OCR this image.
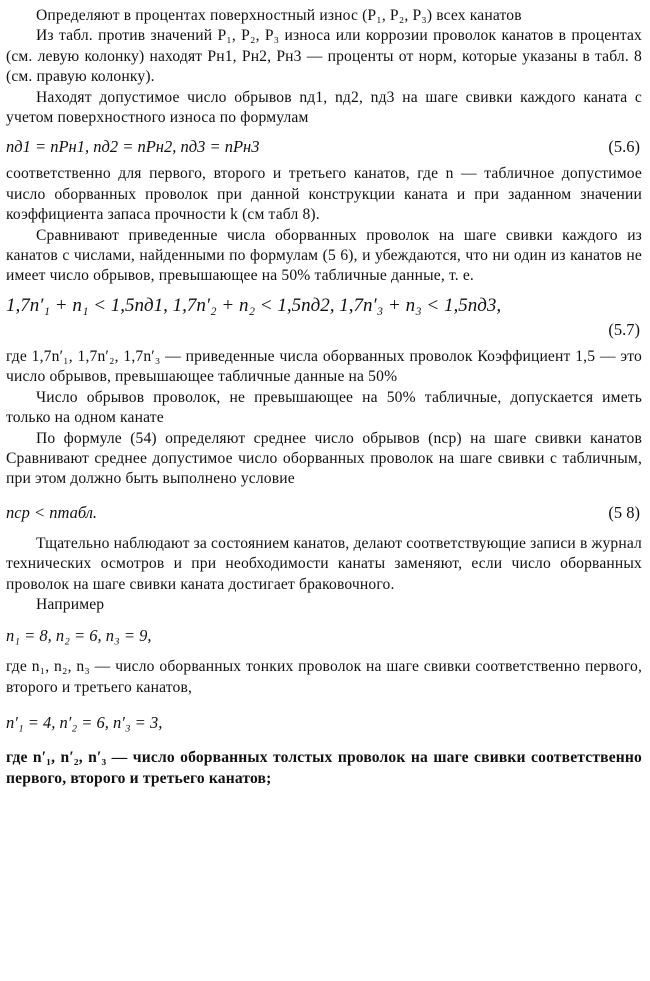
Определяют в процентах поверхностный износ (P₁, P₂, P₃) всех канатов

Из табл. против значений P₁, P₂, P₃ износа или коррозии проволок канатов в процентах (см. левую колонку) находят Pн1, Pн2, Pн3 — проценты от норм, которые указаны в табл. 8 (см. правую колонку).

Находят допустимое число обрывов nд1, nд2, nд3 на шаге свивки каждого каната с учетом поверхностного износа по формулам

nд1 = nPн1, nд2 = nPн2, nд3 = nPн3	(5.6)

соответственно для первого, второго и третьего канатов, где n — табличное допустимое число оборванных проволок при данной конструкции каната и при заданном значении коэффициента запаса прочности k (см табл 8).

Сравнивают приведенные числа оборванных проволок на шаге свивки каждого из канатов с числами, найденными по формулам (5 6), и убеждаются, что ни один из канатов не имеет число обрывов, превышающее на 50% табличные данные, т. е.

1,7n′₁ + n₁ < 1,5nд1, 1,7n′₂ + n₂ < 1,5nд2, 1,7n′₃ + n₃ < 1,5nд3,
(5.7)

где 1,7n′₁, 1,7n′₂, 1,7n′₃ — приведенные числа оборванных проволок Коэффициент 1,5 — это число обрывов, превышающее табличные данные на 50%

Число обрывов проволок, не превышающее на 50% табличные, допускается иметь только на одном канате

По формуле (54) определяют среднее число обрывов (nср) на шаге свивки канатов Сравнивают среднее допустимое число оборванных проволок на шаге свивки с табличным, при этом должно быть выполнено условие

nср < nтабл.	(5 8)

Тщательно наблюдают за состоянием канатов, делают соответствующие записи в журнал технических осмотров и при необходимости канаты заменяют, если число оборванных проволок на шаге свивки каната достигает браковочного.

Например

n₁ = 8, n₂ = 6, n₃ = 9,

где n₁, n₂, n₃ — число оборванных тонких проволок на шаге свивки соответственно первого, второго и третьего канатов,

n′₁ = 4, n′₂ = 6, n′₃ = 3,

где n′₁, n′₂, n′₃ — число оборванных толстых проволок на шаге свивки соответственно первого, второго и третьего канатов;
